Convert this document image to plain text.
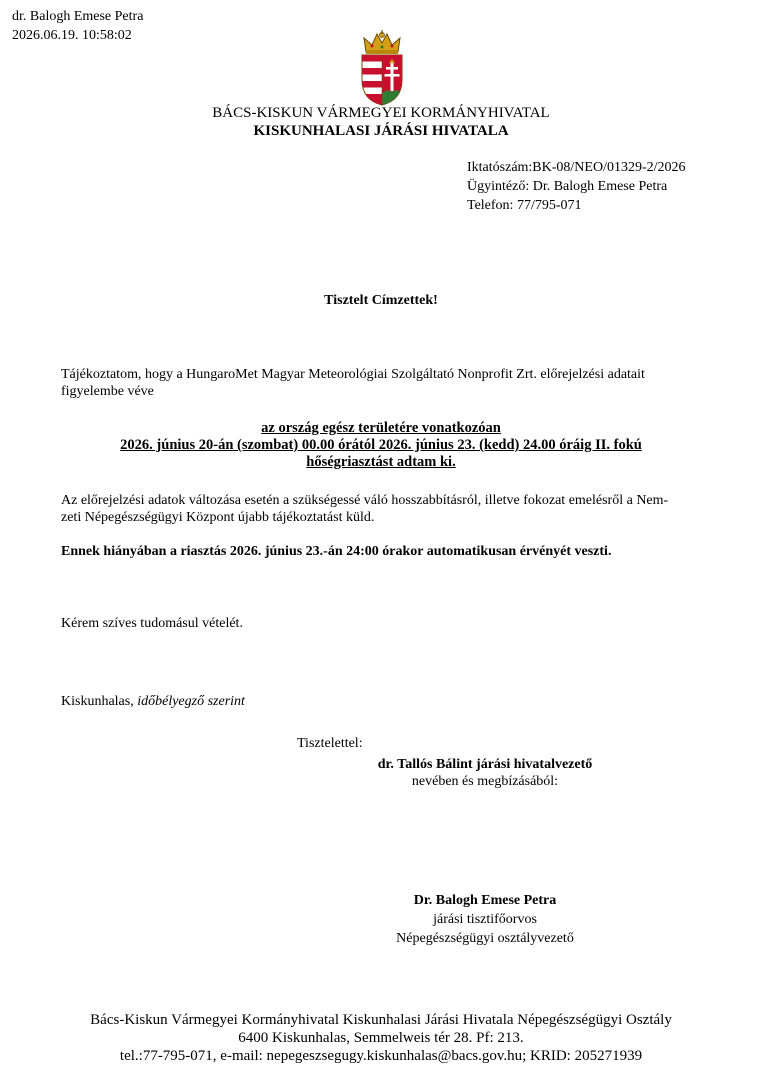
dr. Balogh Emese Petra
2026.06.19. 10:58:02
BÁCS-KISKUN VÁRMEGYEI KORMÁNYHIVATAL
KISKUNHALASI JÁRÁSI HIVATALA
Iktatószám:BK-08/NEO/01329-2/2026
Ügyintéző: Dr. Balogh Emese Petra
Telefon: 77/795-071
Tisztelt Címzettek!
Tájékoztatom, hogy a HungaroMet Magyar Meteorológiai Szolgáltató Nonprofit Zrt. előrejelzési adatait
figyelembe véve
az ország egész területére vonatkozóan
2026. június 20-án (szombat) 00.00 órától 2026. június 23. (kedd) 24.00 óráig II. fokú
hőségriasztást adtam ki.
Az előrejelzési adatok változása esetén a szükségessé váló hosszabbításról, illetve fokozat emelésről a Nem-
zeti Népegészségügyi Központ újabb tájékoztatást küld.
Ennek hiányában a riasztás 2026. június 23.-án 24:00 órakor automatikusan érvényét veszti.
Kérem szíves tudomásul vételét.
Kiskunhalas, időbélyegző szerint
Tisztelettel:
dr. Tallós Bálint járási hivatalvezető
nevében és megbízásából:
Dr. Balogh Emese Petra
járási tisztifőorvos
Népegészségügyi osztályvezető
Bács-Kiskun Vármegyei Kormányhivatal Kiskunhalasi Járási Hivatala Népegészségügyi Osztály
6400 Kiskunhalas, Semmelweis tér 28. Pf: 213.
tel.:77-795-071, e-mail: nepegeszsegugy.kiskunhalas@bacs.gov.hu; KRID: 205271939
